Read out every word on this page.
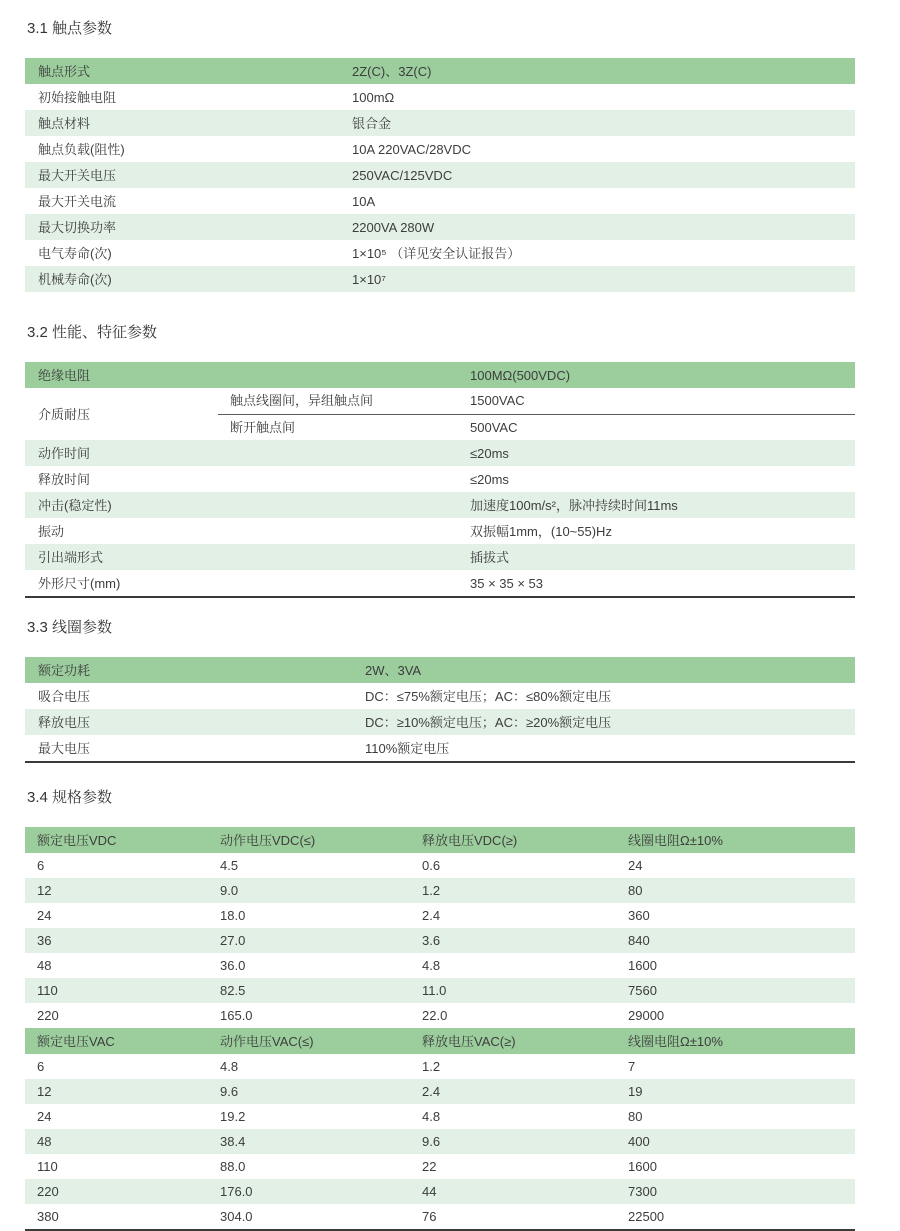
3.1 触点参数
触点形式	2Z(C)、3Z(C)
初始接触电阻	100mΩ
触点材料	银合金
触点负载(阻性)	10A 220VAC/28VDC
最大开关电压	250VAC/125VDC
最大开关电流	10A
最大切换功率	2200VA 280W
电气寿命(次)	1×10⁵ （详见安全认证报告）
机械寿命(次)	1×10⁷
3.2 性能、特征参数
绝缘电阻	100MΩ(500VDC)
介质耐压
触点线圈间，异组触点间	1500VAC
断开触点间	500VAC
动作时间	≤20ms
释放时间	≤20ms
冲击(稳定性)	加速度100m/s²，脉冲持续时间11ms
振动	双振幅1mm，(10~55)Hz
引出端形式	插拔式
外形尺寸(mm)	35 × 35 × 53
3.3 线圈参数
额定功耗	2W、3VA
吸合电压	DC：≤75%额定电压；AC：≤80%额定电压
释放电压	DC：≥10%额定电压；AC：≥20%额定电压
最大电压	110%额定电压
3.4 规格参数
额定电压VDC	动作电压VDC(≤)	释放电压VDC(≥)	线圈电阻Ω±10%
6	4.5	0.6	24
12	9.0	1.2	80
24	18.0	2.4	360
36	27.0	3.6	840
48	36.0	4.8	1600
110	82.5	11.0	7560
220	165.0	22.0	29000
额定电压VAC	动作电压VAC(≤)	释放电压VAC(≥)	线圈电阻Ω±10%
6	4.8	1.2	7
12	9.6	2.4	19
24	19.2	4.8	80
48	38.4	9.6	400
110	88.0	22	1600
220	176.0	44	7300
380	304.0	76	22500
